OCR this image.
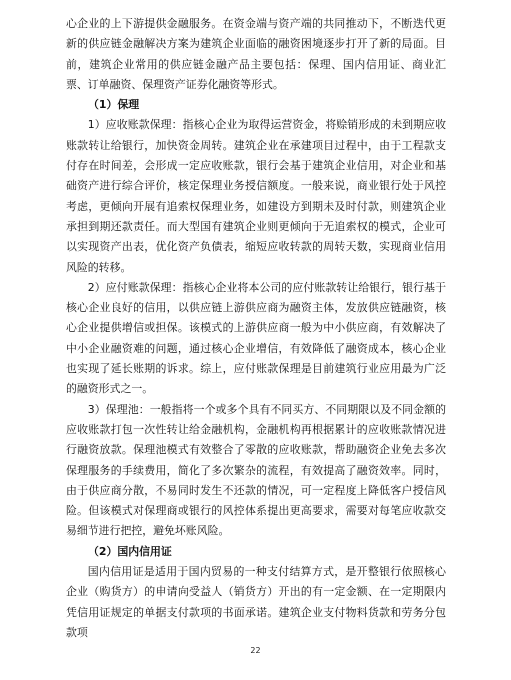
心企业的上下游提供金融服务。在资金端与资产端的共同推动下，不断迭代更新的供应链金融解决方案为建筑企业面临的融资困境逐步打开了新的局面。目前，建筑企业常用的供应链金融产品主要包括：保理、国内信用证、商业汇票、订单融资、保理资产证券化融资等形式。

（1）保理

1）应收账款保理：指核心企业为取得运营资金，将赊销形成的未到期应收账款转让给银行，加快资金周转。建筑企业在承建项目过程中，由于工程款支付存在时间差，会形成一定应收账款，银行会基于建筑企业信用，对企业和基础资产进行综合评价，核定保理业务授信额度。一般来说，商业银行处于风控考虑，更倾向开展有追索权保理业务，如建设方到期未及时付款，则建筑企业承担到期还款责任。而大型国有建筑企业则更倾向于无追索权的模式，企业可以实现资产出表，优化资产负债表，缩短应收转款的周转天数，实现商业信用风险的转移。

2）应付账款保理：指核心企业将本公司的应付账款转让给银行，银行基于核心企业良好的信用，以供应链上游供应商为融资主体，发放供应链融资，核心企业提供增信或担保。该模式的上游供应商一般为中小供应商，有效解决了中小企业融资难的问题，通过核心企业增信，有效降低了融资成本，核心企业也实现了延长账期的诉求。综上，应付账款保理是目前建筑行业应用最为广泛的融资形式之一。

3）保理池：一般指将一个或多个具有不同买方、不同期限以及不同金额的应收账款打包一次性转让给金融机构，金融机构再根据累计的应收账款情况进行融资放款。保理池模式有效整合了零散的应收账款，帮助融资企业免去多次保理服务的手续费用，简化了多次繁杂的流程，有效提高了融资效率。同时，由于供应商分散，不易同时发生不还款的情况，可一定程度上降低客户授信风险。但该模式对保理商或银行的风控体系提出更高要求，需要对每笔应收款交易细节进行把控，避免坏账风险。

（2）国内信用证

国内信用证是适用于国内贸易的一种支付结算方式，是开整银行依照核心企业（购货方）的申请向受益人（销货方）开出的有一定金额、在一定期限内凭信用证规定的单据支付款项的书面承诺。建筑企业支付物料货款和劳务分包款项

22
